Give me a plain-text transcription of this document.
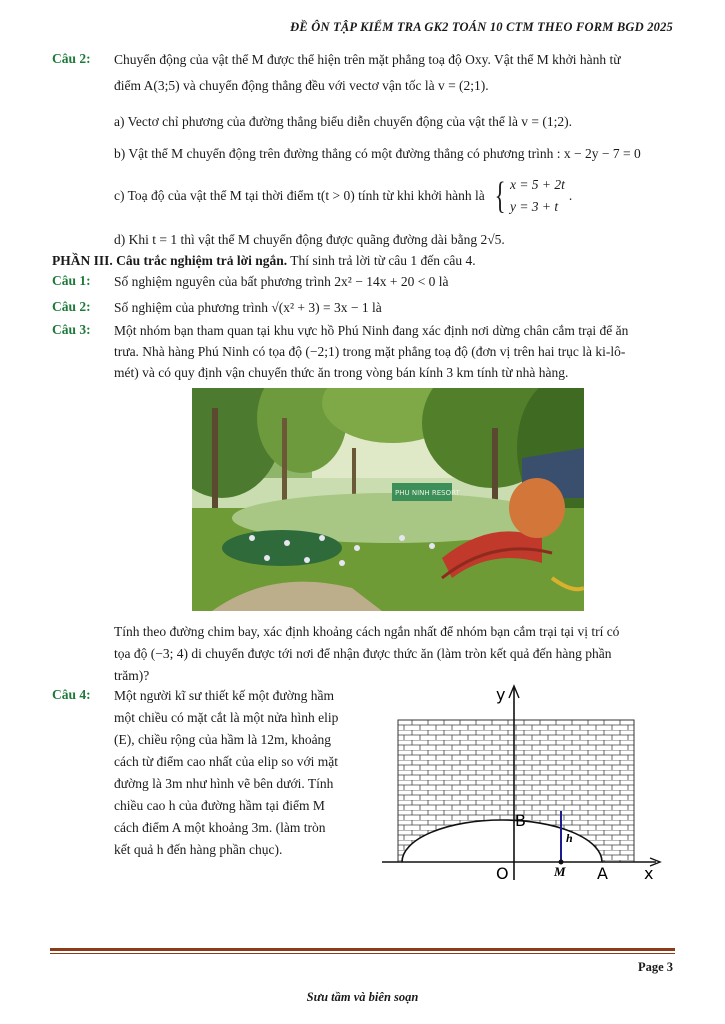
ĐỀ ÔN TẬP KIỂM TRA GK2 TOÁN 10 CTM THEO FORM BGD 2025
Câu 2: Chuyển động của vật thể M được thể hiện trên mặt phẳng toạ độ Oxy. Vật thể M khởi hành từ
điểm A(3;5) và chuyển động thẳng đều với vectơ vận tốc là v = (2;1).
a) Vectơ chỉ phương của đường thẳng biểu diễn chuyển động của vật thể là v = (1;2).
b) Vật thể M chuyển động trên đường thẳng có một đường thẳng có phương trình : x − 2y − 7 = 0
c) Toạ độ của vật thể M tại thời điểm t(t > 0) tính từ khi khởi hành là { x = 5 + 2t
y = 3 + t
.
d) Khi t = 1 thì vật thể M chuyển động được quãng đường dài bằng 2√5.
PHẦN III. Câu trắc nghiệm trả lời ngắn. Thí sinh trả lời từ câu 1 đến câu 4.
Câu 1: Số nghiệm nguyên của bất phương trình 2x² − 14x + 20 < 0 là
Câu 2: Số nghiệm của phương trình √(x² + 3) = 3x − 1 là
Câu 3: Một nhóm bạn tham quan tại khu vực hồ Phú Ninh đang xác định nơi dừng chân cắm trại để ăn
trưa. Nhà hàng Phú Ninh có tọa độ (−2;1) trong mặt phẳng toạ độ (đơn vị trên hai trục là ki-lô-
mét) và có quy định vận chuyển thức ăn trong vòng bán kính 3 km tính từ nhà hàng.
PHU NINH RESORT
Tính theo đường chim bay, xác định khoảng cách ngắn nhất để nhóm bạn cắm trại tại vị trí có
tọa độ (−3; 4) di chuyển được tới nơi để nhận được thức ăn (làm tròn kết quả đến hàng phần
trăm)?
Câu 4: Một người kĩ sư thiết kế một đường hầm
một chiều có mặt cắt là một nửa hình elip
(E), chiều rộng của hầm là 12m, khoảng
cách từ điểm cao nhất của elip so với mặt
đường là 3m như hình vẽ bên dưới. Tính
chiều cao h của đường hầm tại điểm M
cách điểm A một khoảng 3m. (làm tròn
kết quả h đến hàng phần chục).
y
x
O	A
B
M
h
Page 3
Sưu tầm và biên soạn
